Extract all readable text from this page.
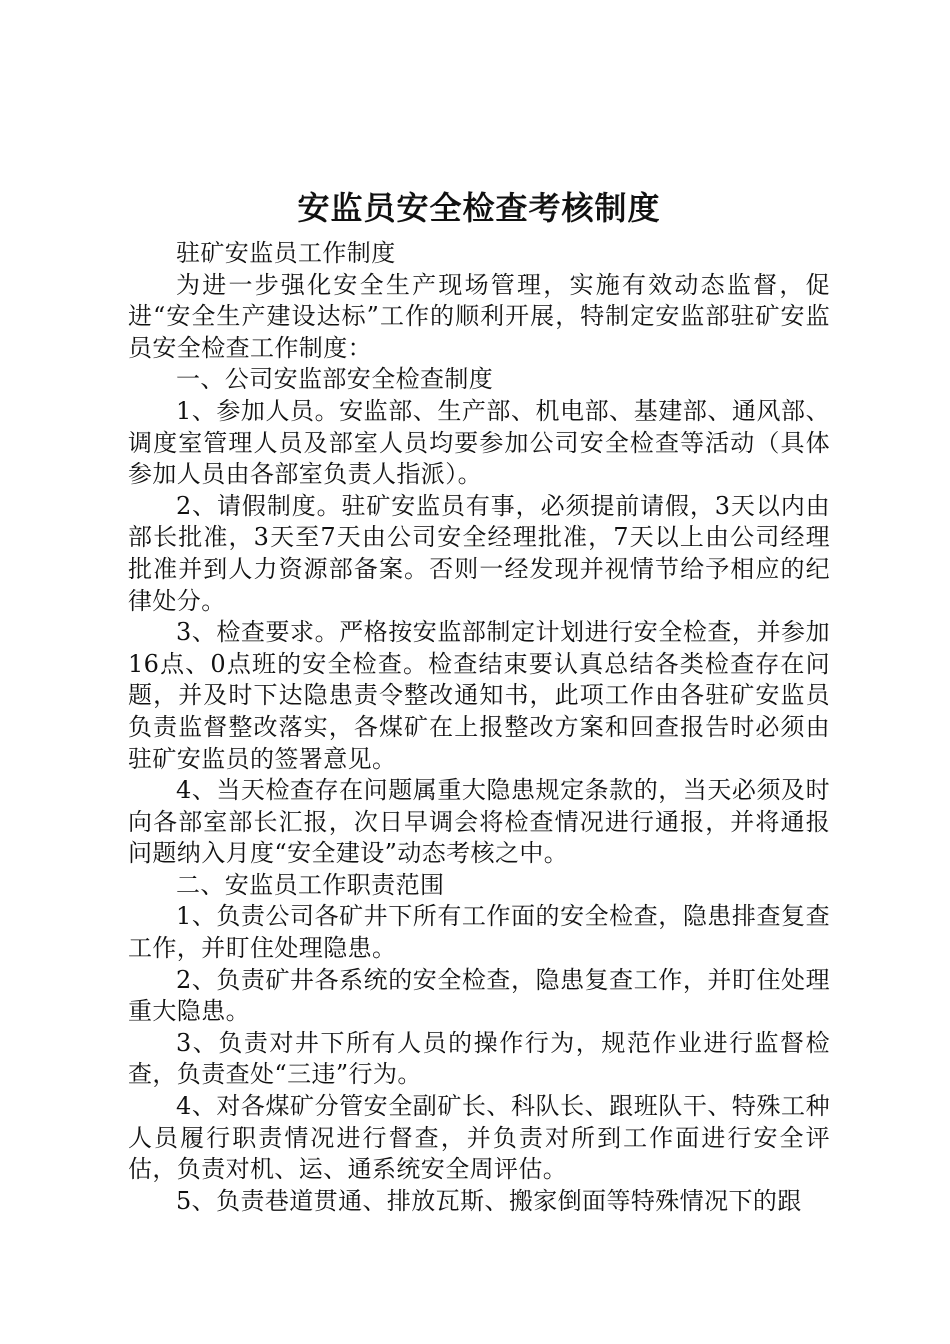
安监员安全检查考核制度

驻矿安监员工作制度

为进一步强化安全生产现场管理，实施有效动态监督，促进“安全生产建设达标”工作的顺利开展，特制定安监部驻矿安监员安全检查工作制度：

一、公司安监部安全检查制度

1、参加人员。安监部、生产部、机电部、基建部、通风部、调度室管理人员及部室人员均要参加公司安全检查等活动（具体参加人员由各部室负责人指派）。

2、请假制度。驻矿安监员有事，必须提前请假，3天以内由部长批准，3天至7天由公司安全经理批准，7天以上由公司经理批准并到人力资源部备案。否则一经发现并视情节给予相应的纪律处分。

3、检查要求。严格按安监部制定计划进行安全检查，并参加16点、0点班的安全检查。检查结束要认真总结各类检查存在问题，并及时下达隐患责令整改通知书，此项工作由各驻矿安监员负责监督整改落实，各煤矿在上报整改方案和回查报告时必须由驻矿安监员的签署意见。

4、当天检查存在问题属重大隐患规定条款的，当天必须及时向各部室部长汇报，次日早调会将检查情况进行通报，并将通报问题纳入月度“安全建设”动态考核之中。

二、安监员工作职责范围

1、负责公司各矿井下所有工作面的安全检查，隐患排查复查工作，并盯住处理隐患。

2、负责矿井各系统的安全检查，隐患复查工作，并盯住处理重大隐患。

3、负责对井下所有人员的操作行为，规范作业进行监督检查，负责查处“三违”行为。

4、对各煤矿分管安全副矿长、科队长、跟班队干、特殊工种人员履行职责情况进行督查，并负责对所到工作面进行安全评估，负责对机、运、通系统安全周评估。

5、负责巷道贯通、排放瓦斯、搬家倒面等特殊情况下的跟
